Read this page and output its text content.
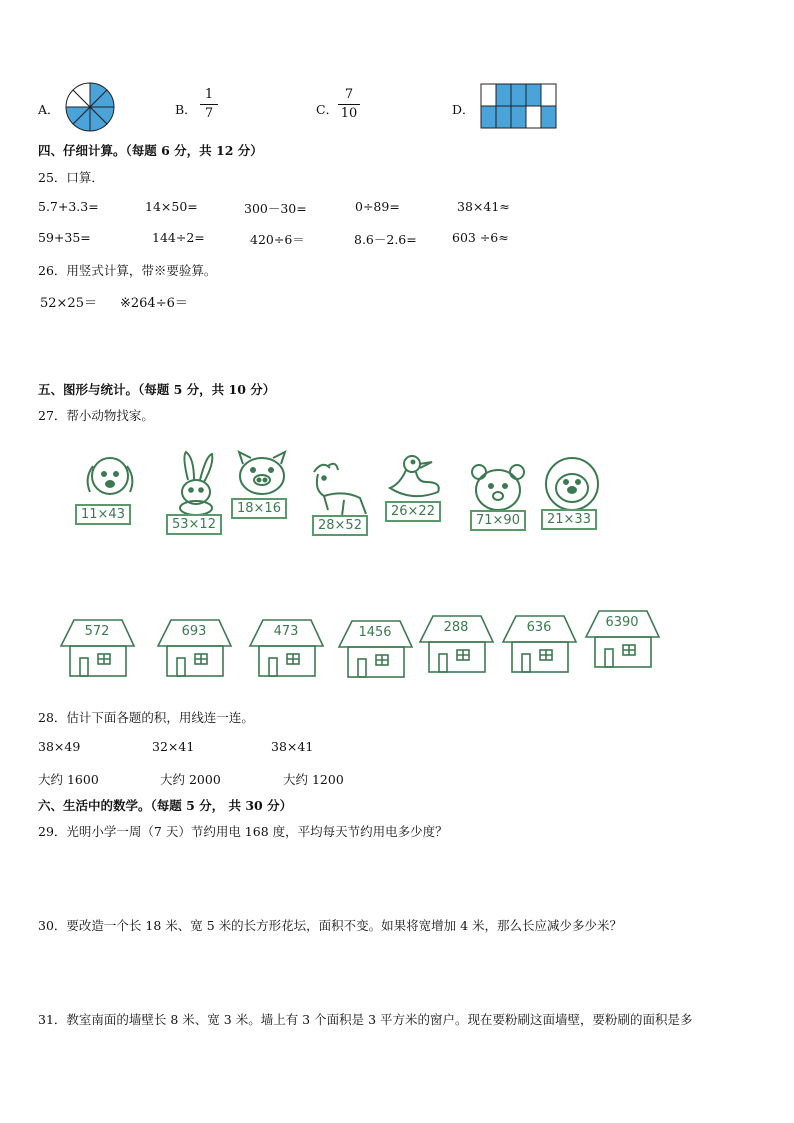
A．	B．
1
7	C．
7
10	D．
四、仔细计算。（每题 6 分，共 12 分）
25．口算．
5.7+3.3=	14×50=	300－30=	0÷89=	38×41≈
59+35=	144÷2=	420÷6＝	8.6－2.6=	603 ÷6≈
26．用竖式计算，带※要验算。
52×25＝ ※264÷6＝
五、图形与统计。（每题 5 分，共 10 分）
27．帮小动物找家。
11×43
53×12
18×16
28×52
26×22
71×90	21×33
572	693	473	1456	288	636	6390
28．估计下面各题的积，用线连一连。
38×49	32×41	38×41
大约 1600	大约 2000	大约 1200
六、生活中的数学。（每题 5 分， 共 30 分）
29．光明小学一周（7 天）节约用电 168 度，平均每天节约用电多少度？
30．要改造一个长 18 米、宽 5 米的长方形花坛，面积不变。如果将宽增加 4 米，那么长应减少多少米？
31．教室南面的墙壁长 8 米、宽 3 米。墙上有 3 个面积是 3 平方米的窗户。现在要粉刷这面墙壁，要粉刷的面积是多
